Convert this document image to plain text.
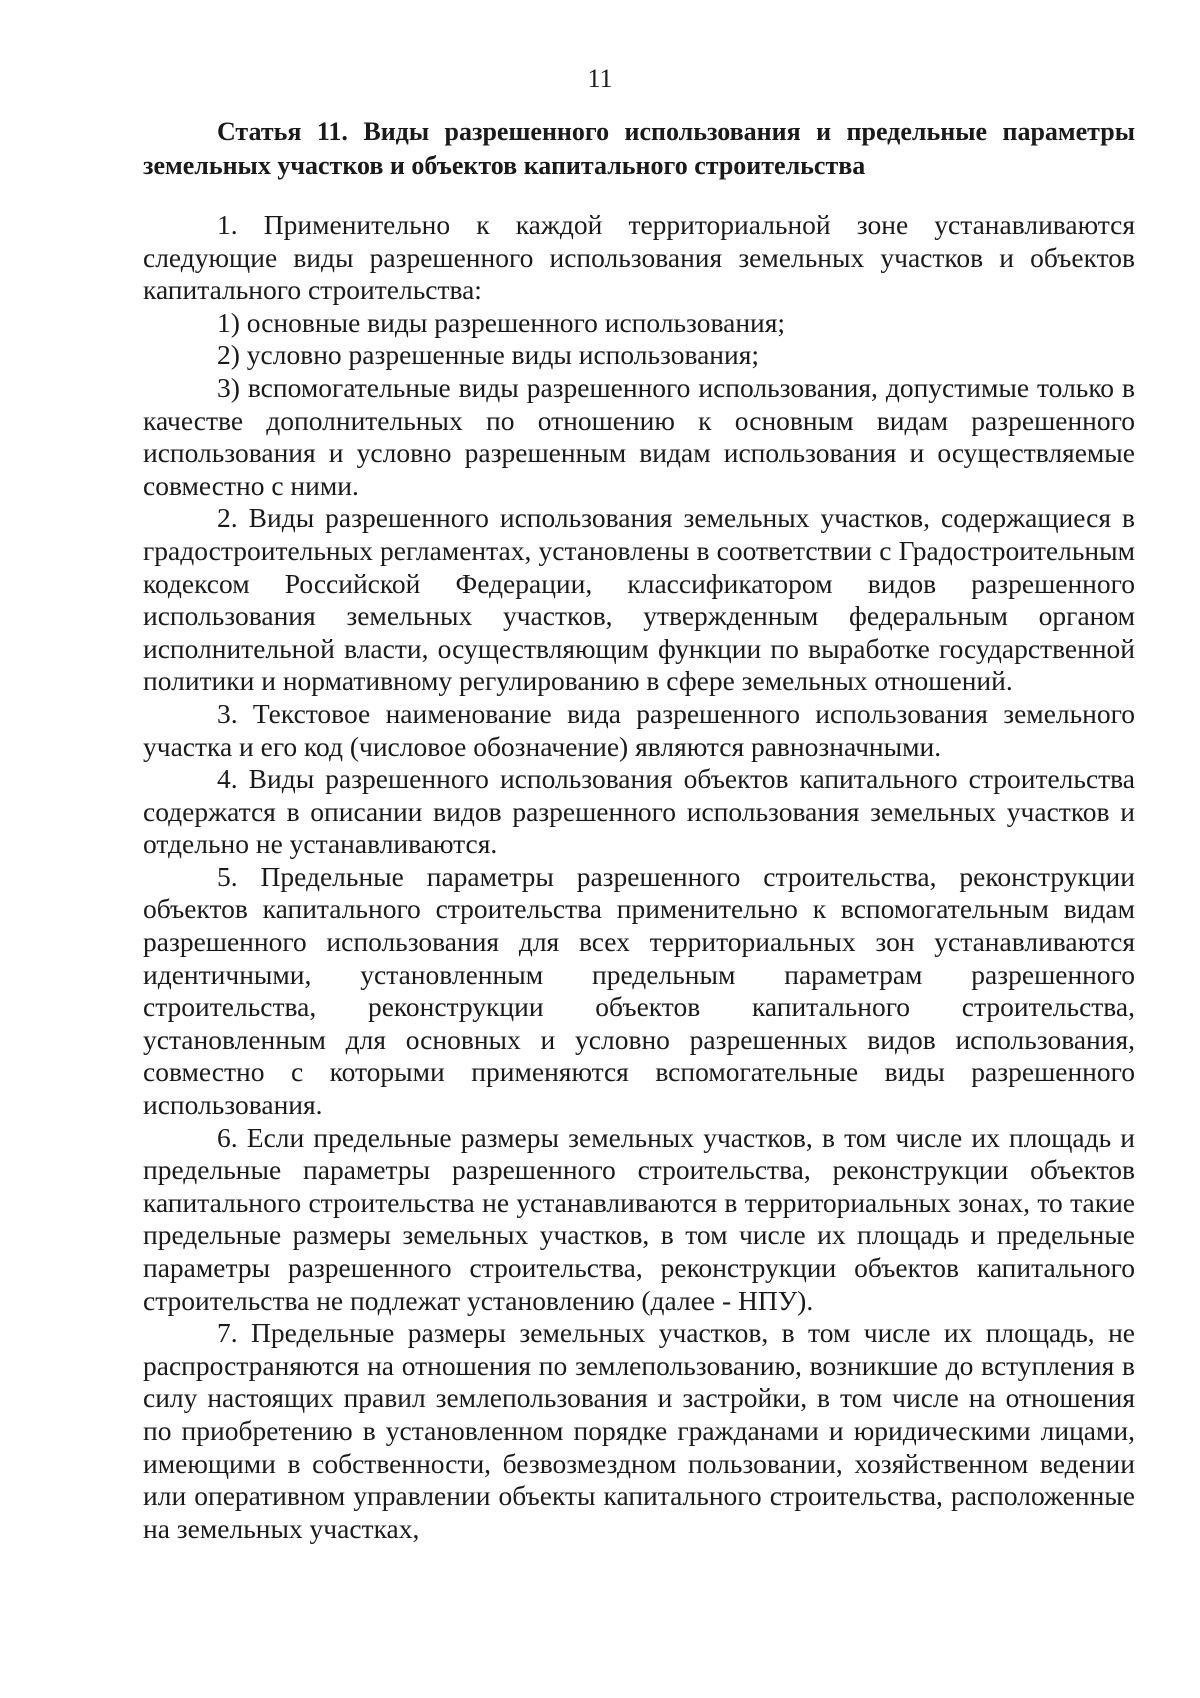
11
Статья 11. Виды разрешенного использования и предельные параметры земельных участков и объектов капитального строительства

1. Применительно к каждой территориальной зоне устанавливаются следующие виды разрешенного использования земельных участков и объектов капитального строительства:

1) основные виды разрешенного использования;

2) условно разрешенные виды использования;

3) вспомогательные виды разрешенного использования, допустимые только в качестве дополнительных по отношению к основным видам разрешенного использования и условно разрешенным видам использования и осуществляемые совместно с ними.

2. Виды разрешенного использования земельных участков, содержащиеся в градостроительных регламентах, установлены в соответствии с Градостроительным кодексом Российской Федерации, классификатором видов разрешенного использования земельных участков, утвержденным федеральным органом исполнительной власти, осуществляющим функции по выработке государственной политики и нормативному регулированию в сфере земельных отношений.

3. Текстовое наименование вида разрешенного использования земельного участка и его код (числовое обозначение) являются равнозначными.

4. Виды разрешенного использования объектов капитального строительства содержатся в описании видов разрешенного использования земельных участков и отдельно не устанавливаются.

5. Предельные параметры разрешенного строительства, реконструкции объектов капитального строительства применительно к вспомогательным видам разрешенного использования для всех территориальных зон устанавливаются идентичными, установленным предельным параметрам разрешенного строительства, реконструкции объектов капитального строительства, установленным для основных и условно разрешенных видов использования, совместно с которыми применяются вспомогательные виды разрешенного использования.

6. Если предельные размеры земельных участков, в том числе их площадь и предельные параметры разрешенного строительства, реконструкции объектов капитального строительства не устанавливаются в территориальных зонах, то такие предельные размеры земельных участков, в том числе их площадь и предельные параметры разрешенного строительства, реконструкции объектов капитального строительства не подлежат установлению (далее - НПУ).

7. Предельные размеры земельных участков, в том числе их площадь, не распространяются на отношения по землепользованию, возникшие до вступления в силу настоящих правил землепользования и застройки, в том числе на отношения по приобретению в установленном порядке гражданами и юридическими лицами, имеющими в собственности, безвозмездном пользовании, хозяйственном ведении или оперативном управлении объекты капитального строительства, расположенные на земельных участках,
